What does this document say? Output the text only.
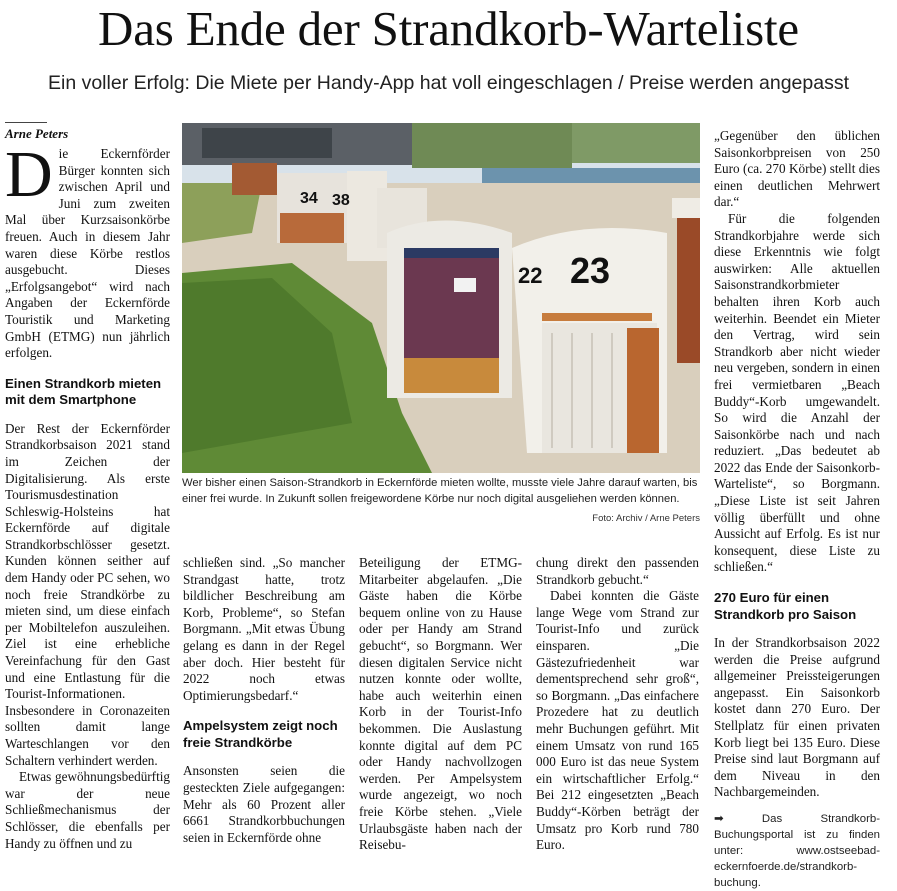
Das Ende der Strandkorb-Warteliste
Ein voller Erfolg: Die Miete per Handy-App hat voll eingeschlagen / Preise werden angepasst
Arne Peters

Die Eckernförder Bürger konnten sich zwischen April und Juni zum zweiten Mal über Kurzsaisonkörbe freuen. Auch in diesem Jahr waren diese Körbe restlos ausgebucht. Dieses „Erfolgsangebot“ wird nach Angaben der Eckernförde Touristik und Marketing GmbH (ETMG) nun jährlich erfolgen.

Einen Strandkorb mieten mit dem Smartphone

Der Rest der Eckernförder Strandkorbsaison 2021 stand im Zeichen der Digitalisierung. Als erste Tourismusdestination Schleswig-Holsteins hat Eckernförde auf digitale Strandkorbschlösser gesetzt. Kunden können seither auf dem Handy oder PC sehen, wo noch freie Strandkörbe zu mieten sind, um diese einfach per Mobiltelefon auszuleihen. Ziel ist eine erhebliche Vereinfachung für den Gast und eine Entlastung für die Tourist-Informationen. Insbesondere in Coronazeiten sollten damit lange Warteschlangen vor den Schaltern verhindert werden.

Etwas gewöhnungsbedürftig war der neue Schließmechanismus der Schlösser, die ebenfalls per Handy zu öffnen und zu

34 38
22 23
Wer bisher einen Saison-Strandkorb in Eckernförde mieten wollte, musste viele Jahre darauf warten, bis einer frei wurde. In Zukunft sollen freigewordene Körbe nur noch digital ausgeliehen werden können.
Foto: Archiv / Arne Peters

schließen sind. „So mancher Strandgast hatte, trotz bildlicher Beschreibung am Korb, Probleme“, so Stefan Borgmann. „Mit etwas Übung gelang es dann in der Regel aber doch. Hier besteht für 2022 noch etwas Optimierungsbedarf.“

Ampelsystem zeigt noch freie Strandkörbe

Ansonsten seien die gesteckten Ziele aufgegangen: Mehr als 60 Prozent aller 6661 Strandkorbbuchungen seien in Eckernförde ohne

Beteiligung der ETMG-Mitarbeiter abgelaufen. „Die Gäste haben die Körbe bequem online von zu Hause oder per Handy am Strand gebucht“, so Borgmann. Wer diesen digitalen Service nicht nutzen konnte oder wollte, habe auch weiterhin einen Korb in der Tourist-Info bekommen. Die Auslastung konnte digital auf dem PC oder Handy nachvollzogen werden. Per Ampelsystem wurde angezeigt, wo noch freie Körbe stehen. „Viele Urlaubsgäste haben nach der Reisebu-

chung direkt den passenden Strandkorb gebucht.“

Dabei konnten die Gäste lange Wege vom Strand zur Tourist-Info und zurück einsparen. „Die Gästezufriedenheit war dementsprechend sehr groß“, so Borgmann. „Das einfachere Prozedere hat zu deutlich mehr Buchungen geführt. Mit einem Umsatz von rund 165 000 Euro ist das neue System ein wirtschaftlicher Erfolg.“ Bei 212 eingesetzten „Beach Buddy“-Körben beträgt der Umsatz pro Korb rund 780 Euro.

„Gegenüber den üblichen Saisonkorbpreisen von 250 Euro (ca. 270 Körbe) stellt dies einen deutlichen Mehrwert dar.“

Für die folgenden Strandkorbjahre werde sich diese Erkenntnis wie folgt auswirken: Alle aktuellen Saisonstrandkorbmieter behalten ihren Korb auch weiterhin. Beendet ein Mieter den Vertrag, wird sein Strandkorb aber nicht wieder neu vergeben, sondern in einen frei vermietbaren „Beach Buddy“-Korb umgewandelt. So wird die Anzahl der Saisonkörbe nach und nach reduziert. „Das bedeutet ab 2022 das Ende der Saisonkorb-Warteliste“, so Borgmann. „Diese Liste ist seit Jahren völlig überfüllt und ohne Aussicht auf Erfolg. Es ist nur konsequent, diese Liste zu schließen.“

270 Euro für einen Strandkorb pro Saison

In der Strandkorbsaison 2022 werden die Preise aufgrund allgemeiner Preissteigerungen angepasst. Ein Saisonkorb kostet dann 270 Euro. Der Stellplatz für einen privaten Korb liegt bei 135 Euro. Diese Preise sind laut Borgmann auf dem Niveau in den Nachbargemeinden.

➡	Das Strandkorb-Buchungsportal ist zu finden unter: www.ostseebad-eckernfoerde.de/strandkorb-buchung.
